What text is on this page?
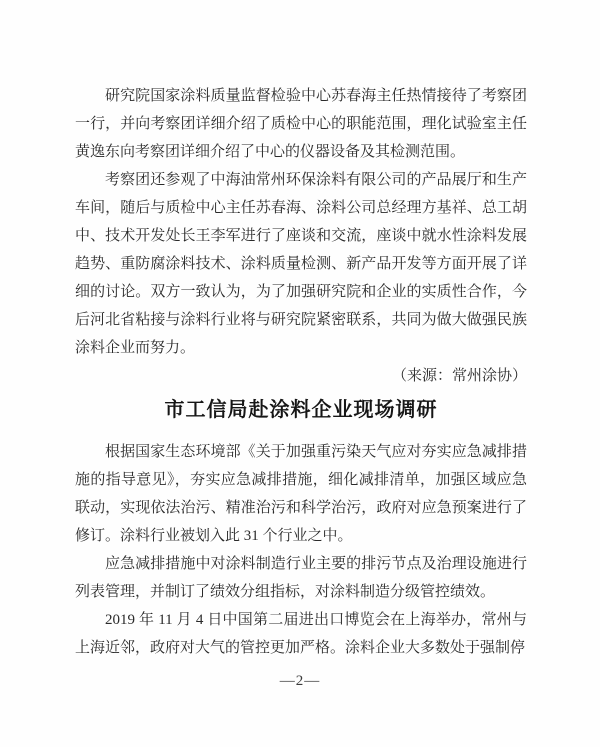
研究院国家涂料质量监督检验中心苏春海主任热情接待了考察团一行，并向考察团详细介绍了质检中心的职能范围，理化试验室主任黄逸东向考察团详细介绍了中心的仪器设备及其检测范围。

考察团还参观了中海油常州环保涂料有限公司的产品展厅和生产车间，随后与质检中心主任苏春海、涂料公司总经理方基祥、总工胡中、技术开发处长王李军进行了座谈和交流，座谈中就水性涂料发展趋势、重防腐涂料技术、涂料质量检测、新产品开发等方面开展了详细的讨论。双方一致认为，为了加强研究院和企业的实质性合作，今后河北省粘接与涂料行业将与研究院紧密联系，共同为做大做强民族涂料企业而努力。

（来源：常州涂协）

市工信局赴涂料企业现场调研

根据国家生态环境部《关于加强重污染天气应对夯实应急减排措施的指导意见》，夯实应急减排措施，细化减排清单，加强区域应急联动，实现依法治污、精准治污和科学治污，政府对应急预案进行了修订。涂料行业被划入此 31 个行业之中。

应急减排措施中对涂料制造行业主要的排污节点及治理设施进行列表管理，并制订了绩效分组指标，对涂料制造分级管控绩效。

2019 年 11 月 4 日中国第二届进出口博览会在上海举办，常州与上海近邻，政府对大气的管控更加严格。涂料企业大多数处于强制停

—2—
